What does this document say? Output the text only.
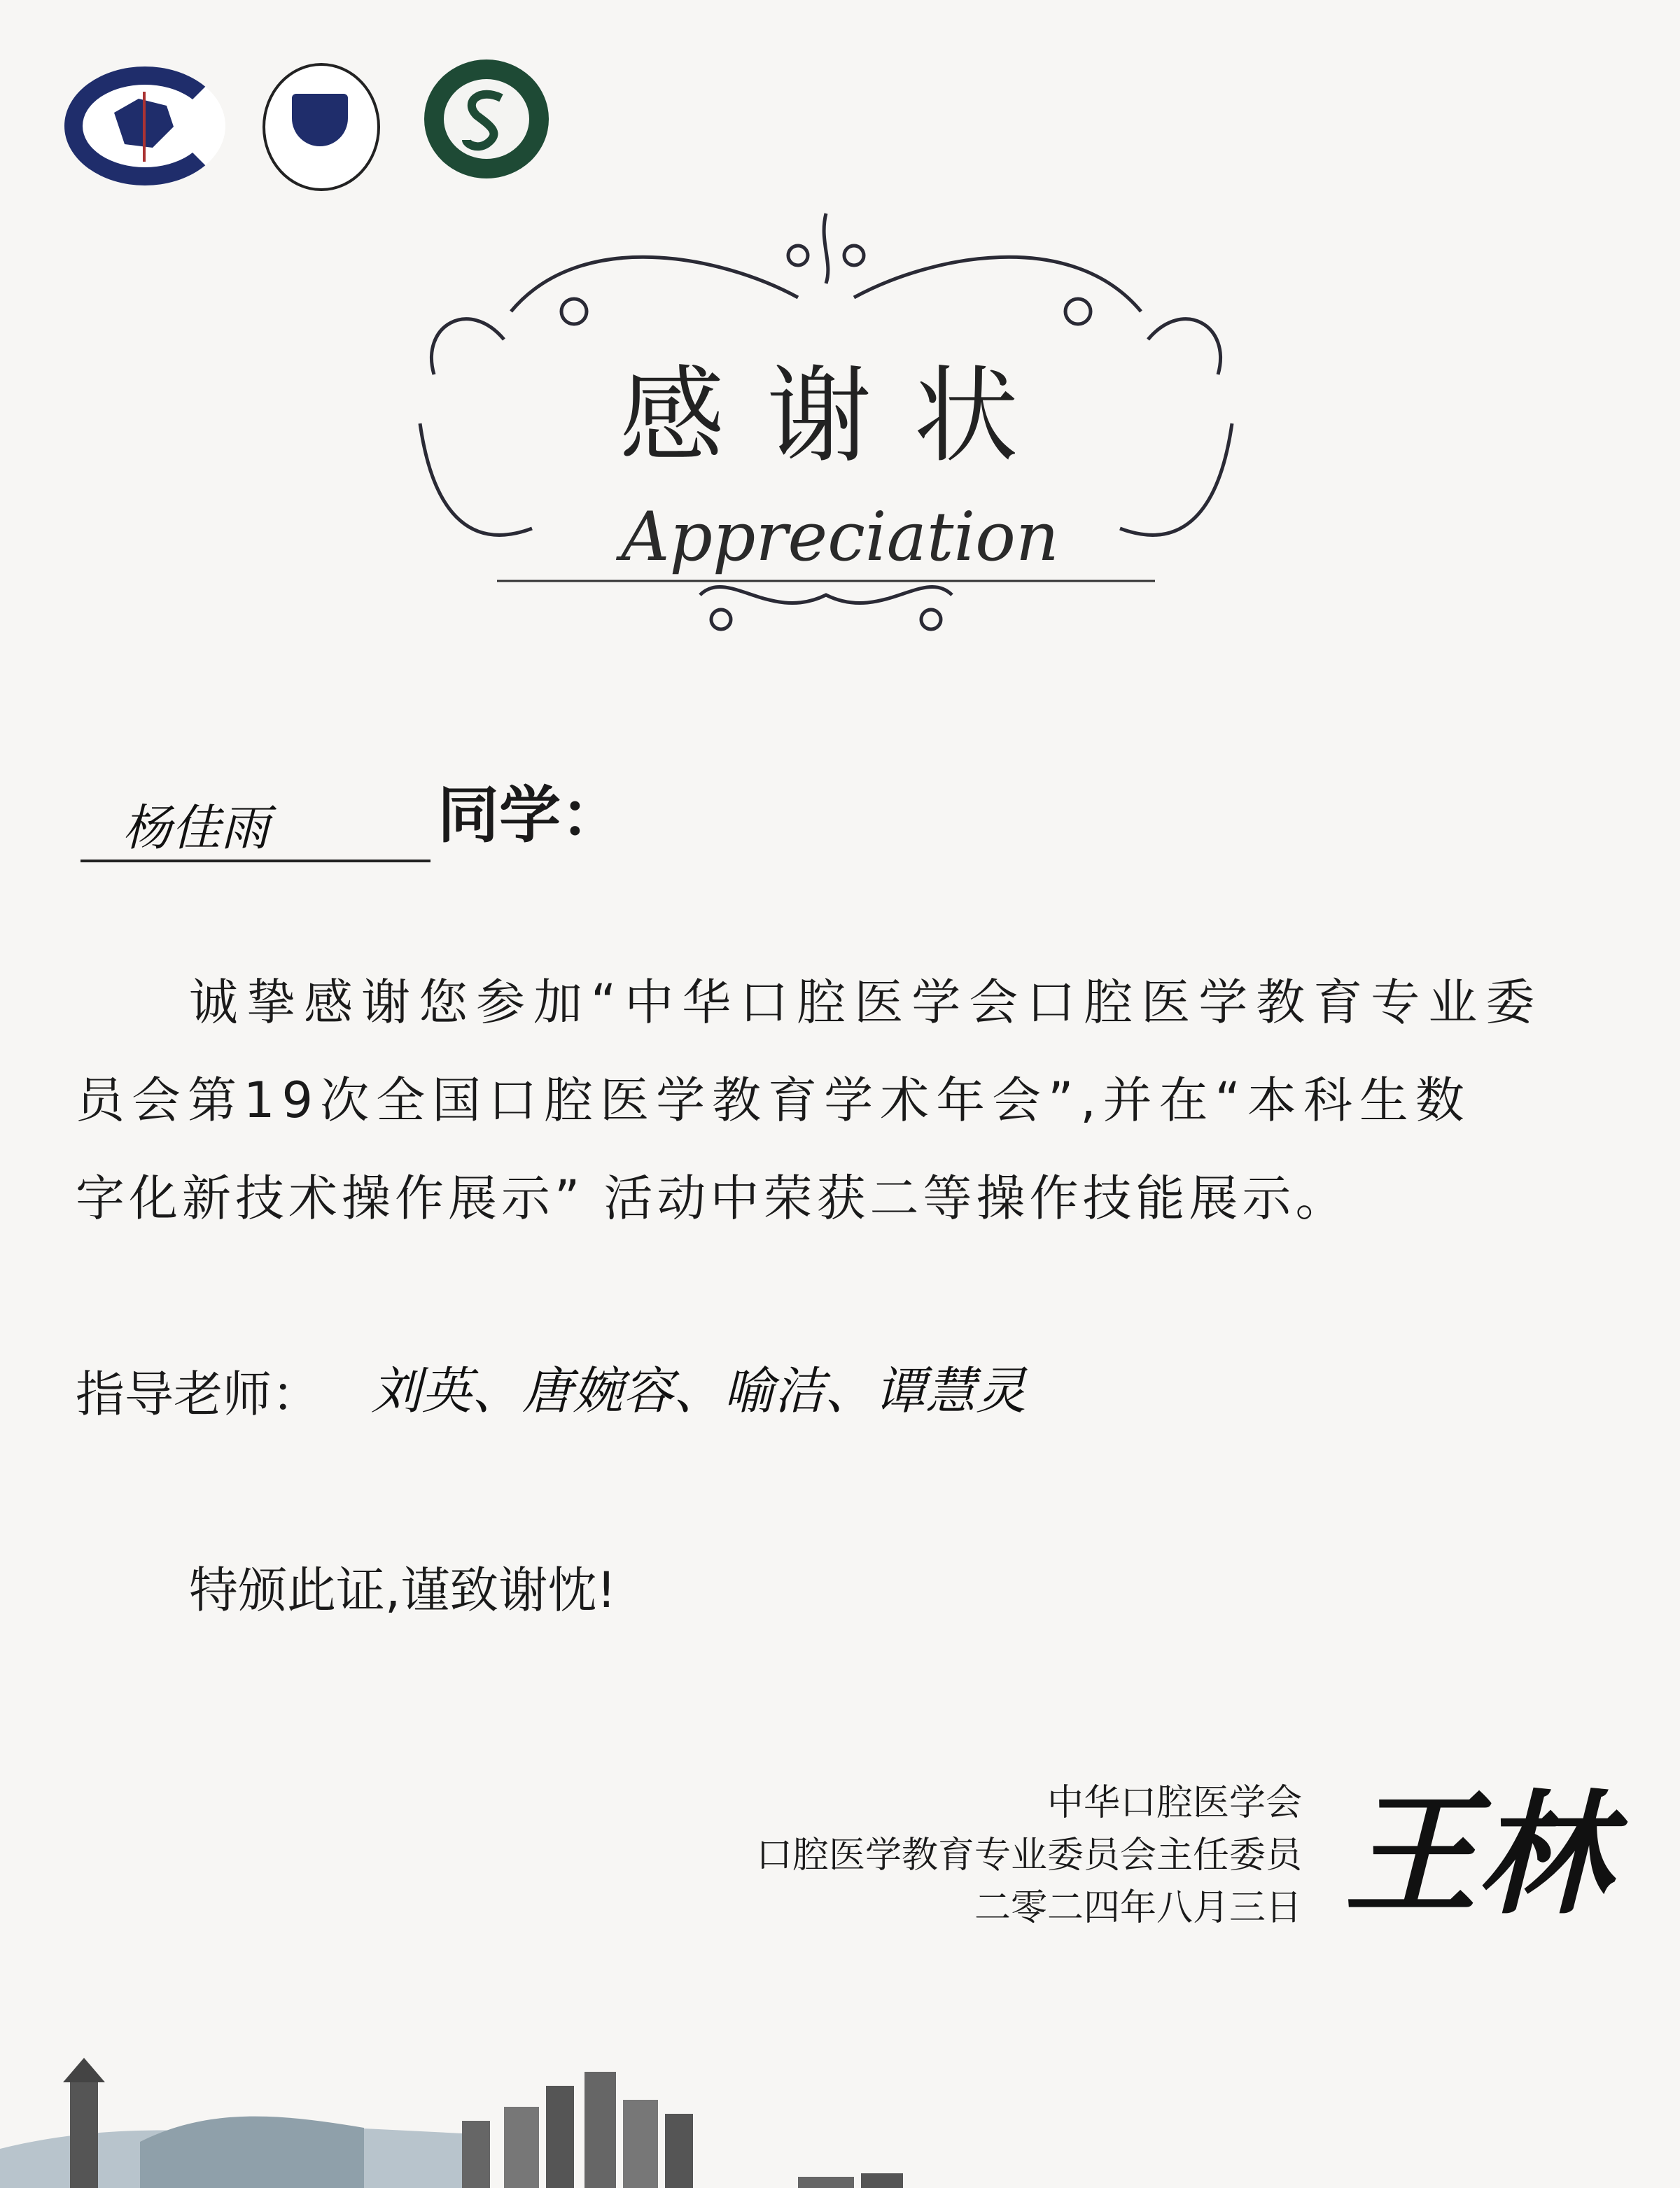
感谢状
Appreciation
杨佳雨	同学：
诚挚感谢您参加“中华口腔医学会口腔医学教育专业委
员会第19次全国口腔医学教育学术年会”,并在“本科生数
字化新技术操作展示” 活动中荣获二等操作技能展示。
指导老师： 刘英、唐婉容、喻洁、谭慧灵
特颁此证,谨致谢忱!
中华口腔医学会
口腔医学教育专业委员会主任委员
二零二四年八月三日 王林
